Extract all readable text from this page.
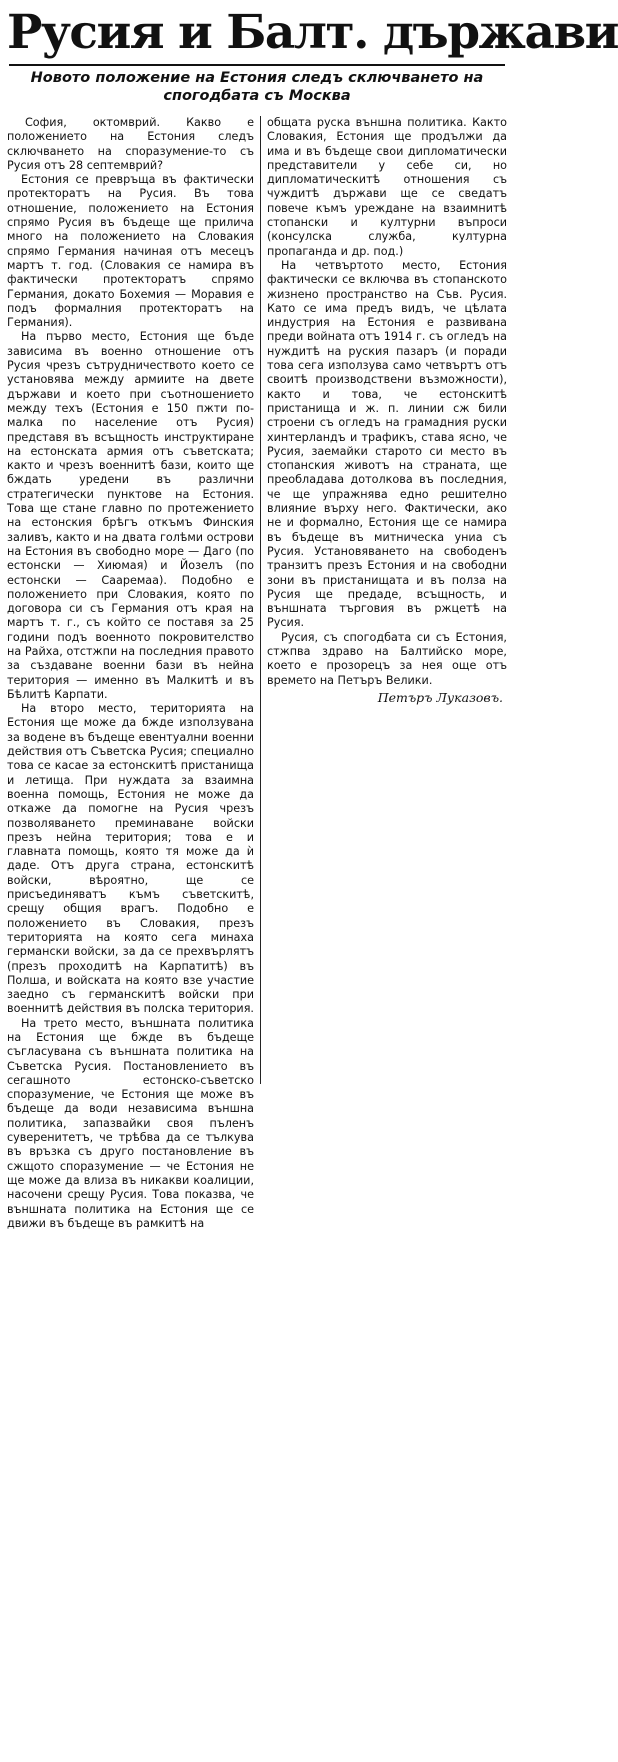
Русия и Балт. държави
Новото положение на Естония следъ сключването на спогодбата съ Москва

София, октомврий. Какво е положението на Естония следъ сключването на споразумение-то съ Русия отъ 28 септемврий?

Естония се превръща въ фактически протекторатъ на Русия. Въ това отношение, положението на Естония спрямо Русия въ бъдеще ще прилича много на положението на Словакия спрямо Германия начиная отъ месецъ мартъ т. год. (Словакия се намира въ фактически протекторатъ спрямо Германия, докато Бохемия — Моравия е подъ формалния протекторатъ на Германия).

На първо место, Естония ще бъде зависима въ военно отношение отъ Русия чрезъ сътрудничеството което се установява между армиите на двете държави и което при съотношението между техъ (Естония е 150 пжти по-малка по население отъ Русия) представя въ всъщность инструктиране на естонската армия отъ съветската; както и чрезъ военнитѣ бази, които ще бждать уредени въ различни стратегически пунктове на Естония. Това ще стане главно по протежението на естонския брѣгъ откъмъ Финския заливъ, както и на двата голѣми острови на Естония въ свободно море — Даго (по естонски — Хиюмая) и Йозелъ (по естонски — Сааремаа). Подобно е положението при Словакия, която по договора си съ Германия отъ края на мартъ т. г., съ който се поставя за 25 години подъ военното покровителство на Райха, отстжпи на последния правото за създаване военни бази въ нейна територия — именно въ Малкитѣ и въ Бѣлитѣ Карпати.

На второ место, територията на Естония ще може да бжде използувана за водене въ бъдеще евентуални военни действия отъ Съветска Русия; специално това се касае за естонскитѣ пристанища и летища. При нуждата за взаимна военна помощь, Естония не може да откаже да помогне на Русия чрезъ позволяването преминаване войски презъ нейна територия; това е и главната помощь, която тя може да ѝ даде. Отъ друга страна, естонскитѣ войски, вѣроятно, ще се присъединяватъ къмъ съветскитѣ, срещу общия врагъ. Подобно е положението въ Словакия, презъ територията на която сега минаха германски войски, за да се прехвърлятъ (презъ проходитѣ на Карпатитѣ) въ Полша, и войската на която взе участие заедно съ германскитѣ войски при военнитѣ действия въ полска територия.

На трето место, външната политика на Естония ще бжде въ бъдеще съгласувана съ външната политика на Съветска Русия. Постановлението въ сегашното естонско-съветско споразумение, че Естония ще може въ бъдеще да води независима външна политика, запазвайки своя пъленъ суверенитетъ, че трѣбва да се тълкува въ връзка съ друго постановление въ сжщото споразумение — че Естония не ще може да влиза въ никакви коалиции, насочени срещу Русия. Това показва, че външната политика на Естония ще се движи въ бъдеще въ рамкитѣ на

общата руска външна политика. Както Словакия, Естония ще продължи да има и въ бъдеще свои дипломатически представители у себе си, но дипломатическитѣ отношения съ чуждитѣ държави ще се сведатъ повече къмъ уреждане на взаимнитѣ стопански и културни въпроси (консулска служба, културна пропаганда и др. под.)

На четвъртото место, Естония фактически се включва въ стопанското жизнено пространство на Съв. Русия. Като се има предъ видъ, че цѣлата индустрия на Естония е развивана преди войната отъ 1914 г. съ огледъ на нуждитѣ на руския пазаръ (и поради това сега използува само четвъртъ отъ своитѣ производствени възможности), както и това, че естонскитѣ пристанища и ж. п. линии сж били строени съ огледъ на грамадния руски хинтерландъ и трафикъ, става ясно, че Русия, заемайки старото си место въ стопанския животъ на страната, ще преобладава дотолкова въ последния, че ще упражнява едно решително влияние върху него. Фактически, ако не и формално, Естония ще се намира въ бъдеще въ митническа униа съ Русия. Установяването на свободенъ транзитъ презъ Естония и на свободни зони въ пристанищата и въ полза на Русия ще предаде, всъщность, и външната търговия въ ржцетѣ на Русия.

Русия, съ спогодбата си съ Естония, стжпва здраво на Балтийско море, което е прозорецъ за нея още отъ времето на Петъръ Велики.

Петъръ Луказовъ.
